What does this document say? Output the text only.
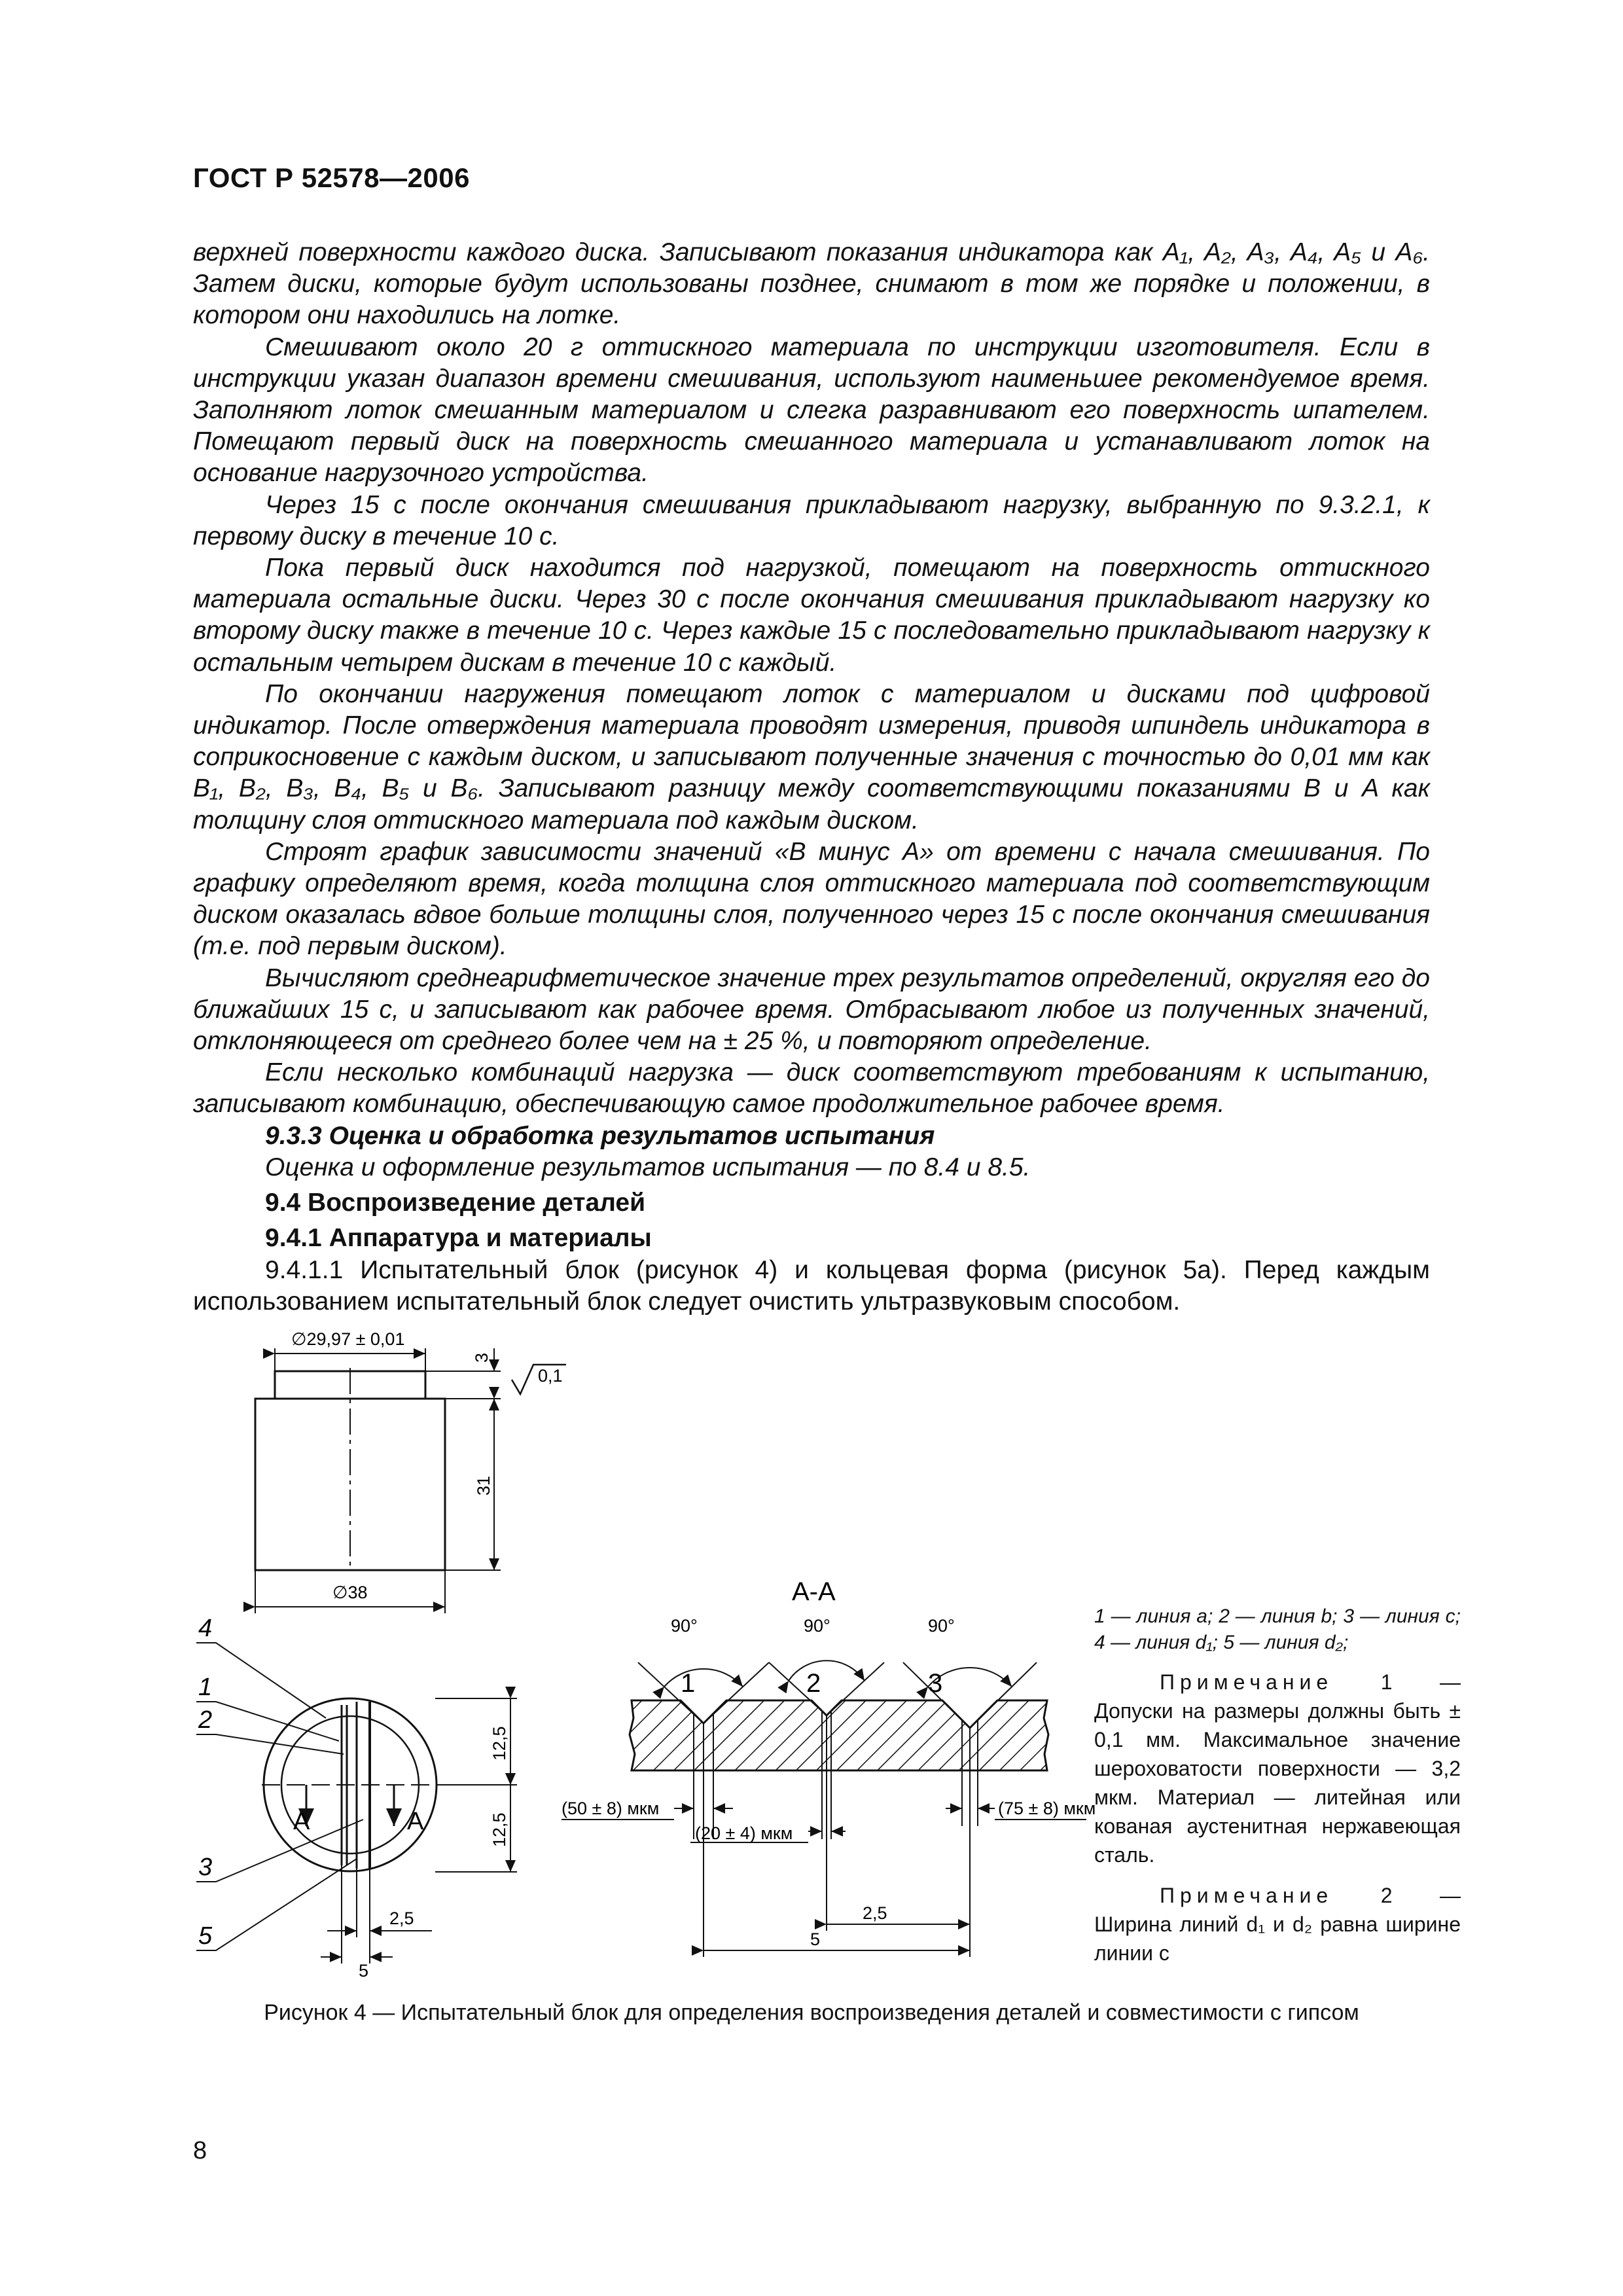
ГОСТ Р 52578—2006

верхней поверхности каждого диска. Записывают показания индикатора как A₁, A₂, A₃, A₄, A₅ и A₆. Затем диски, которые будут использованы позднее, снимают в том же порядке и положении, в котором они находились на лотке.

Смешивают около 20 г оттискного материала по инструкции изготовителя. Если в инструкции указан диапазон времени смешивания, используют наименьшее рекомендуемое время. Заполняют лоток смешанным материалом и слегка разравнивают его поверхность шпателем. Помещают первый диск на поверхность смешанного материала и устанавливают лоток на основание нагрузочного устройства.

Через 15 с после окончания смешивания прикладывают нагрузку, выбранную по 9.3.2.1, к первому диску в течение 10 с.

Пока первый диск находится под нагрузкой, помещают на поверхность оттискного материала остальные диски. Через 30 с после окончания смешивания прикладывают нагрузку ко второму диску также в течение 10 с. Через каждые 15 с последовательно прикладывают нагрузку к остальным четырем дискам в течение 10 с каждый.

По окончании нагружения помещают лоток с материалом и дисками под цифровой индикатор. После отверждения материала проводят измерения, приводя шпиндель индикатора в соприкосновение с каждым диском, и записывают полученные значения с точностью до 0,01 мм как B₁, B₂, B₃, B₄, B₅ и B₆. Записывают разницу между соответствующими показаниями B и A как толщину слоя оттискного материала под каждым диском.

Строят график зависимости значений «B минус A» от времени с начала смешивания. По графику определяют время, когда толщина слоя оттискного материала под соответствующим диском оказалась вдвое больше толщины слоя, полученного через 15 с после окончания смешивания (т.е. под первым диском).

Вычисляют среднеарифметическое значение трех результатов определений, округляя его до ближайших 15 с, и записывают как рабочее время. Отбрасывают любое из полученных значений, отклоняющееся от среднего более чем на ± 25 %, и повторяют определение.

Если несколько комбинаций нагрузка — диск соответствуют требованиям к испытанию, записывают комбинацию, обеспечивающую самое продолжительное рабочее время.

9.3.3 Оценка и обработка результатов испытания

Оценка и оформление результатов испытания — по 8.4 и 8.5.

9.4 Воспроизведение деталей

9.4.1 Аппаратура и материалы

9.4.1.1 Испытательный блок (рисунок 4) и кольцевая форма (рисунок 5а). Перед каждым использованием испытательный блок следует очистить ультразвуковым способом.

∅29,97 ± 0,01
3
0,1
31
∅38
4
1
2
3
5
A	A
12,5
12,5
2,5
5
A-A
90°	90°	90°
1	2	3
(50 ± 8) мкм	(75 ± 8) мкм
(20 ± 4) мкм
2,5
5

1 — линия a; 2 — линия b; 3 — линия c; 4 — линия d₁; 5 — линия d₂;

Примечание 1 — Допуски на размеры должны быть ± 0,1 мм. Максимальное значение шероховатости поверхности — 3,2 мкм. Материал — литейная или кованая аустенитная нержавеющая сталь.

Примечание 2 — Ширина линий d₁ и d₂ равна ширине линии c

Рисунок 4 — Испытательный блок для определения воспроизведения деталей и совместимости с гипсом
8
